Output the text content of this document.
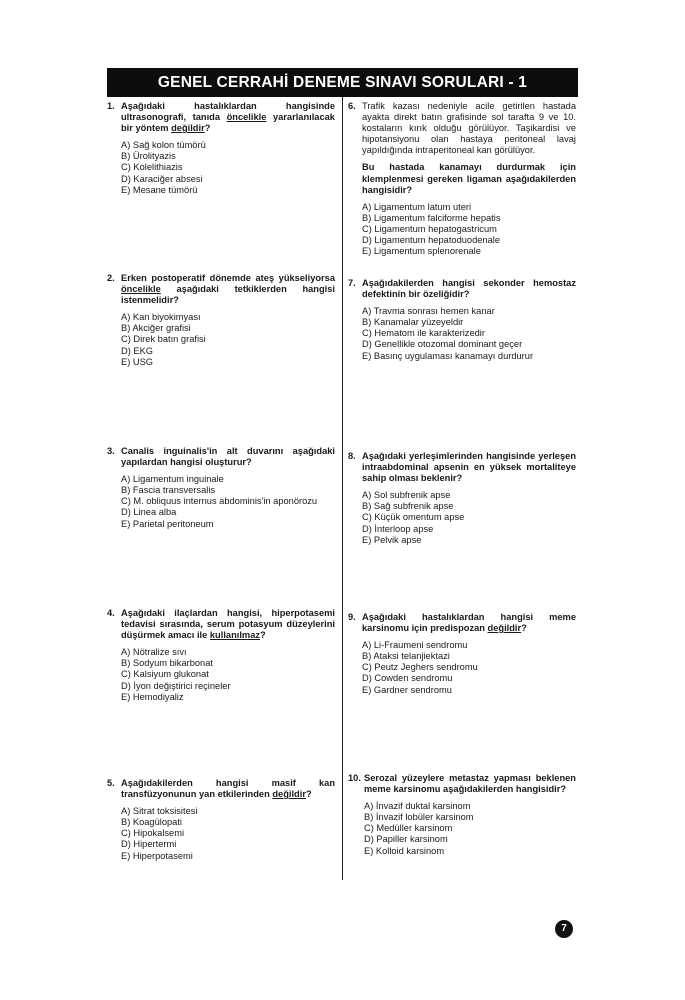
GENEL CERRAHİ DENEME SINAVI SORULARI - 1
1. Aşağıdaki hastalıklardan hangisinde ultrasonografi, tanıda öncelikle yararlanılacak bir yöntem değildir?
A) Sağ kolon tümörü
B) Ürolityazis
C) Kolelithiazis
D) Karaciğer absesi
E) Mesane tümörü
2. Erken postoperatif dönemde ateş yükseliyorsa öncelikle aşağıdaki tetkiklerden hangisi istenmelidir?
A) Kan biyokimyası
B) Akciğer grafisi
C) Direk batın grafisi
D) EKG
E) USG
3. Canalis inguinalis'in alt duvarını aşağıdaki yapılardan hangisi oluşturur?
A) Ligamentum inguinale
B) Fascia transversalis
C) M. obliquus internus abdominis'in aponörozu
D) Linea alba
E) Parietal peritoneum
4. Aşağıdaki ilaçlardan hangisi, hiperpotasemi tedavisi sırasında, serum potasyum düzeylerini düşürmek amacı ile kullanılmaz?
A) Nötralize sıvı
B) Sodyum bikarbonat
C) Kalsiyum glukonat
D) İyon değiştirici reçineler
E) Hemodiyaliz
5. Aşağıdakilerden hangisi masif kan transfüzyonunun yan etkilerinden değildir?
A) Sitrat toksisitesi
B) Koagülopati
C) Hipokalsemi
D) Hipertermi
E) Hiperpotasemi
6. Trafik kazası nedeniyle acile getirilen hastada ayakta direkt batın grafisinde sol tarafta 9 ve 10. kostaların kırık olduğu görülüyor. Taşikardisi ve hipotansiyonu olan hastaya peritoneal lavaj yapıldığında intraperitoneal kan görülüyor.
Bu hastada kanamayı durdurmak için klemplenmesi gereken ligaman aşağıdakilerden hangisidir?
A) Ligamentum latum uteri
B) Ligamentum falciforme hepatis
C) Ligamentum hepatogastricum
D) Ligamentum hepatoduodenale
E) Ligamentum splenorenale
7. Aşağıdakilerden hangisi sekonder hemostaz defektinin bir özeliğidir?
A) Travma sonrası hemen kanar
B) Kanamalar yüzeyeldir
C) Hematom ile karakterizedir
D) Genellikle otozomal dominant geçer
E) Basınç uygulaması kanamayı durdurur
8. Aşağıdaki yerleşimlerinden hangisinde yerleşen intraabdominal apsenin en yüksek mortaliteye sahip olması beklenir?
A) Sol subfrenik apse
B) Sağ subfrenik apse
C) Küçük omentum apse
D) İnterloop apse
E) Pelvik apse
9. Aşağıdaki hastalıklardan hangisi meme karsinomu için predispozan değildir?
A) Li-Fraumeni sendromu
B) Ataksi telanjiektazi
C) Peutz Jeghers sendromu
D) Cowden sendromu
E) Gardner sendromu
10. Serozal yüzeylere metastaz yapması beklenen meme karsinomu aşağıdakilerden hangisidir?
A) İnvazif duktal karsinom
B) İnvazif lobüler karsinom
C) Medüller karsinom
D) Papiller karsinom
E) Kolloid karsinom
7
